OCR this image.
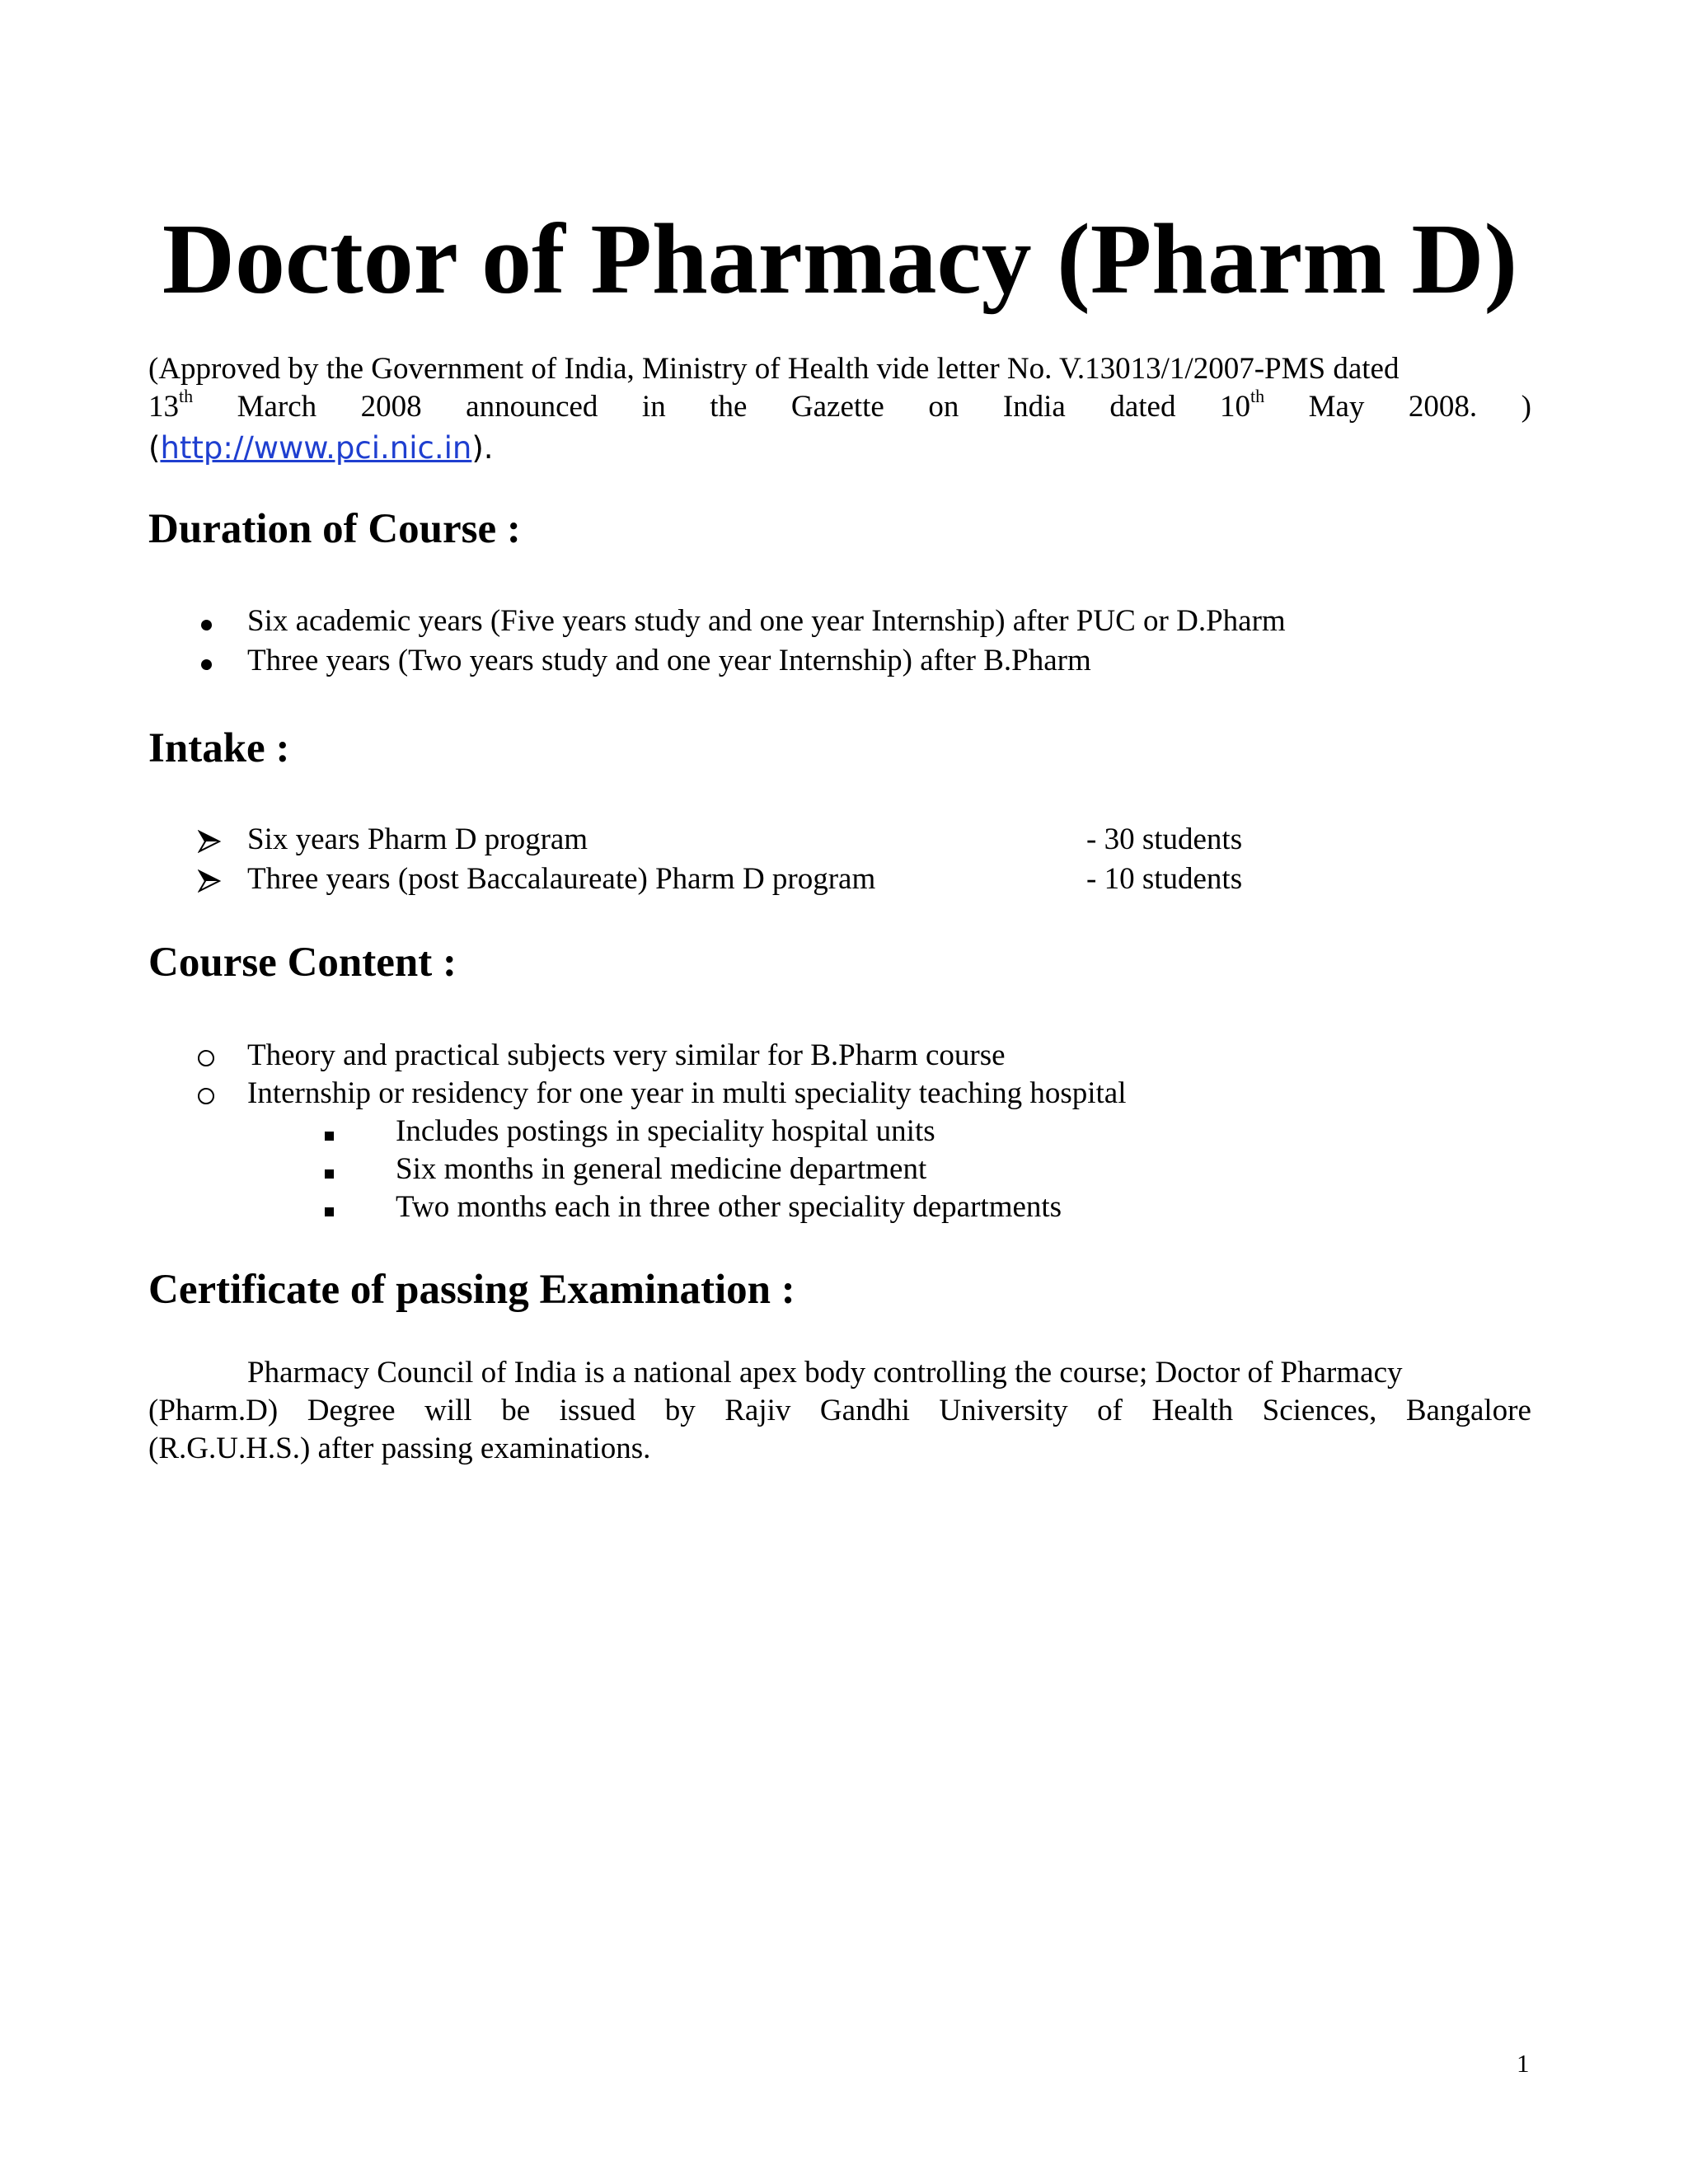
Doctor of Pharmacy (Pharm D)
(Approved by the Government of India, Ministry of Health vide letter No. V.13013/1/2007-PMS dated
13th March 2008 announced in the Gazette on India dated 10th May 2008. )
(http://www.pci.nic.in).
Duration of Course :
Six academic years (Five years study and one year Internship) after PUC or D.Pharm
Three years (Two years study and one year Internship) after B.Pharm
Intake :
Six years Pharm D program	- 30 students
Three years (post Baccalaureate) Pharm D program	- 10 students
Course Content :
Theory and practical subjects very similar for B.Pharm course
Internship or residency for one year in multi speciality teaching hospital
Includes postings in speciality hospital units
Six months in general medicine department
Two months each in three other speciality departments
Certificate of passing Examination :
Pharmacy Council of India is a national apex body controlling the course; Doctor of Pharmacy
(Pharm.D) Degree will be issued by Rajiv Gandhi University of Health Sciences, Bangalore
(R.G.U.H.S.) after passing examinations.
1
